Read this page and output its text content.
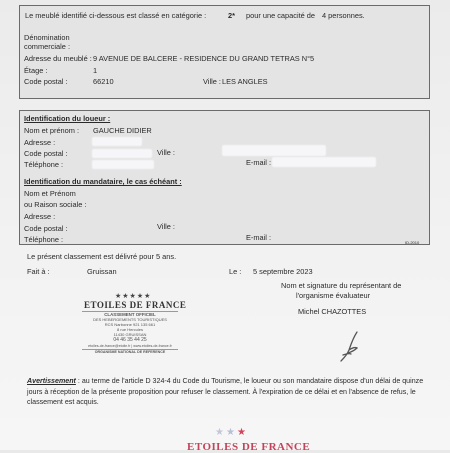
Le meublé identifié ci-dessous est classé en catégorie :	2* pour une capacité de 4 personnes.
Dénomination
commerciale :
Adresse du meublé : 9 AVENUE DE BALCERE - RESIDENCE DU GRAND TETRAS N°5
Étage :	1
Code postal :	66210	Ville : LES ANGLES
Identification du loueur :
Nom et prénom : GAUCHE DIDIER
Adresse :
Code postal :	Ville :
Téléphone :	E-mail :
Identification du mandataire, le cas échéant :
Nom et Prénom
ou Raison sociale :
Adresse :
Code postal :	Ville :
Téléphone :	E-mail :
ID-2010
Le présent classement est délivré pour 5 ans.
Fait à :	Gruissan	Le : 5 septembre 2023
Nom et signature du représentant de
l'organisme évaluateur
Michel CHAZOTTES
★★★★★
ETOILES DE FRANCE
CLASSEMENT OFFICIEL
DES HEBERGEMENTS TOURISTIQUES
RCS Narbonne 921 135 661
8 rue Hercules
11430 GRUISSAN
04 46 35 44 25
etoiles-de-france@etoile.fr | www.etoiles-de-france.fr
ORGANISME NATIONAL DE REFERENCE
Avertissement : au terme de l'article D 324-4 du Code du Tourisme, le loueur ou son mandataire dispose d'un délai de quinze jours à réception de la présente proposition pour refuser le classement. À l'expiration de ce délai et en l'absence de refus, le classement est acquis.
★★★
ETOILES DE FRANCE
